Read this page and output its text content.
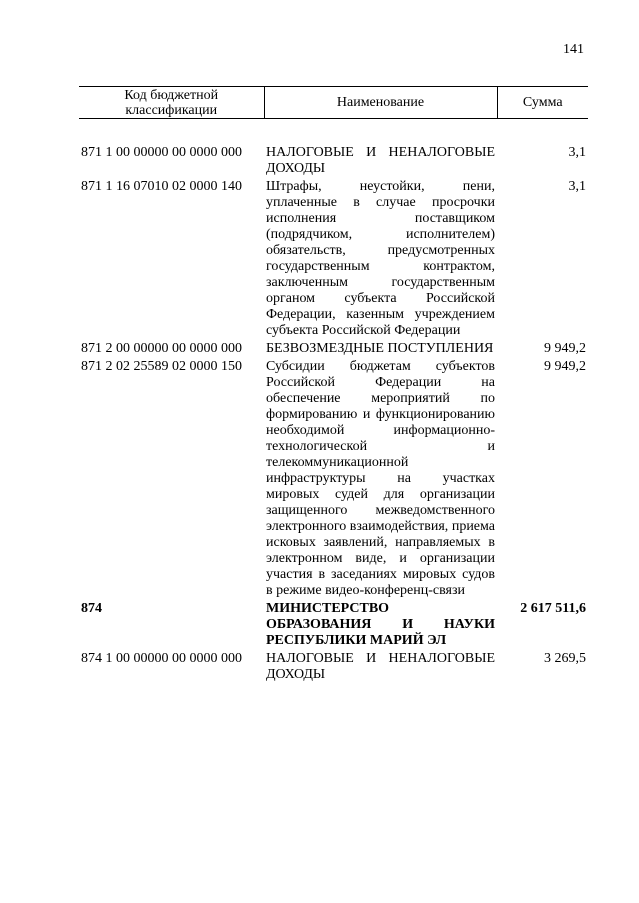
141
Код бюджетной классификации	Наименование	Сумма

871 1 00 00000 00 0000 000	НАЛОГОВЫЕ И НЕНАЛОГОВЫЕ ДОХОДЫ	3,1
871 1 16 07010 02 0000 140	Штрафы, неустойки, пени, уплаченные в случае просрочки исполнения поставщиком (подрядчиком, исполнителем) обязательств, предусмотренных государственным контрактом, заключенным государственным органом субъекта Российской Федерации, казенным учреждением субъекта Российской Федерации	3,1
871 2 00 00000 00 0000 000	БЕЗВОЗМЕЗДНЫЕ ПОСТУПЛЕНИЯ	9 949,2
871 2 02 25589 02 0000 150	Субсидии бюджетам субъектов Российской Федерации на обеспечение мероприятий по формированию и функционированию необходимой информационно-технологической и телекоммуникационной инфраструктуры на участках мировых судей для организации защищенного межведомственного электронного взаимодействия, приема исковых заявлений, направляемых в электронном виде, и организации участия в заседаниях мировых судов в режиме видео-конференц-связи	9 949,2
874	МИНИСТЕРСТВО ОБРАЗОВАНИЯ И НАУКИ РЕСПУБЛИКИ МАРИЙ ЭЛ	2 617 511,6
874 1 00 00000 00 0000 000	НАЛОГОВЫЕ И НЕНАЛОГОВЫЕ ДОХОДЫ	3 269,5
